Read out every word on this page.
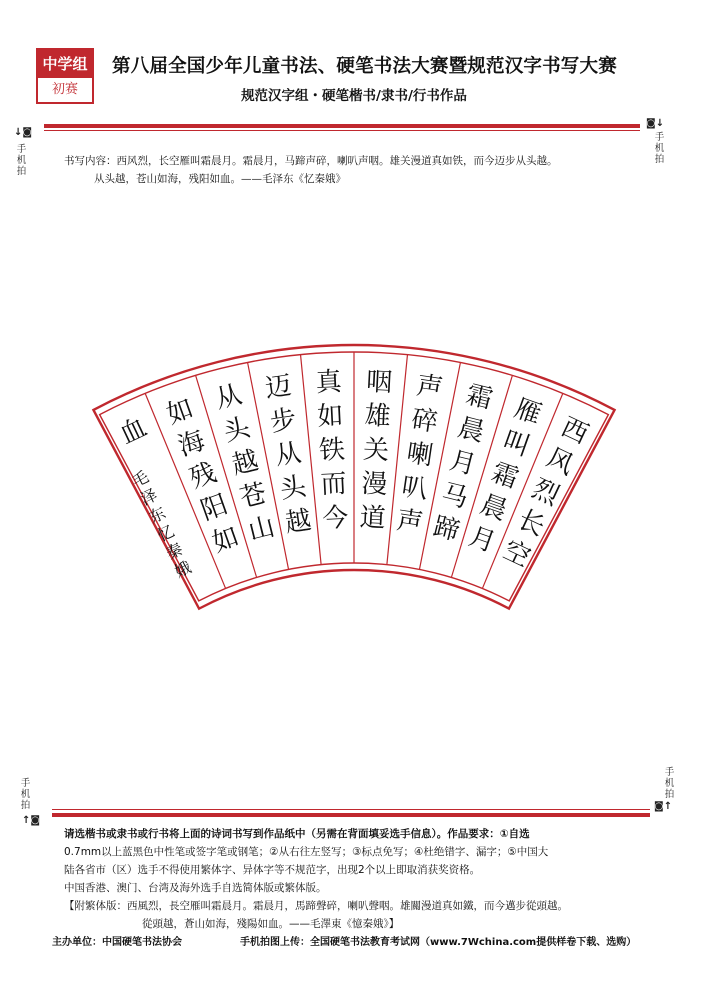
中学组
初赛
第八届全国少年儿童书法、硬笔书法大赛暨规范汉字书写大赛
规范汉字组・硬笔楷书/隶书/行书作品
↓◙
手机拍
◙↓
手机拍
书写内容：西风烈，长空雁叫霜晨月。霜晨月，马蹄声碎，喇叭声咽。雄关漫道真如铁，而今迈步从头越。
从头越，苍山如海，残阳如血。——毛泽东《忆秦娥》
血
如
海
残
阳
如
从
头
越
苍
山
迈
步
从
头
越
真
如
铁
而
今
咽
雄
关
漫
道
声
碎
喇
叭
声
霜
晨
月
马
蹄
雁
叫
霜
晨
月
西
风
烈
长
空
毛
泽
东
忆
秦
娥
手机拍
↑◙
手机拍
◙↑
请选楷书或隶书或行书将上面的诗词书写到作品纸中（另需在背面填妥选手信息）。作品要求：①自选
0.7mm以上蓝黑色中性笔或签字笔或钢笔；②从右往左竖写；③标点免写；④杜绝错字、漏字；⑤中国大
陆各省市（区）选手不得使用繁体字、异体字等不规范字，出现2个以上即取消获奖资格。
中国香港、澳门、台湾及海外选手自选简体版或繁体版。
【附繁体版：西風烈，長空雁叫霜晨月。霜晨月，馬蹄聲碎，喇叭聲咽。雄關漫道真如鐵，而今邁步從頭越。
從頭越，蒼山如海，殘陽如血。——毛澤東《憶秦娥》】
主办单位：中国硬笔书法协会	手机拍图上传：全国硬笔书法教育考试网（www.7Wchina.com提供样卷下载、选购）
